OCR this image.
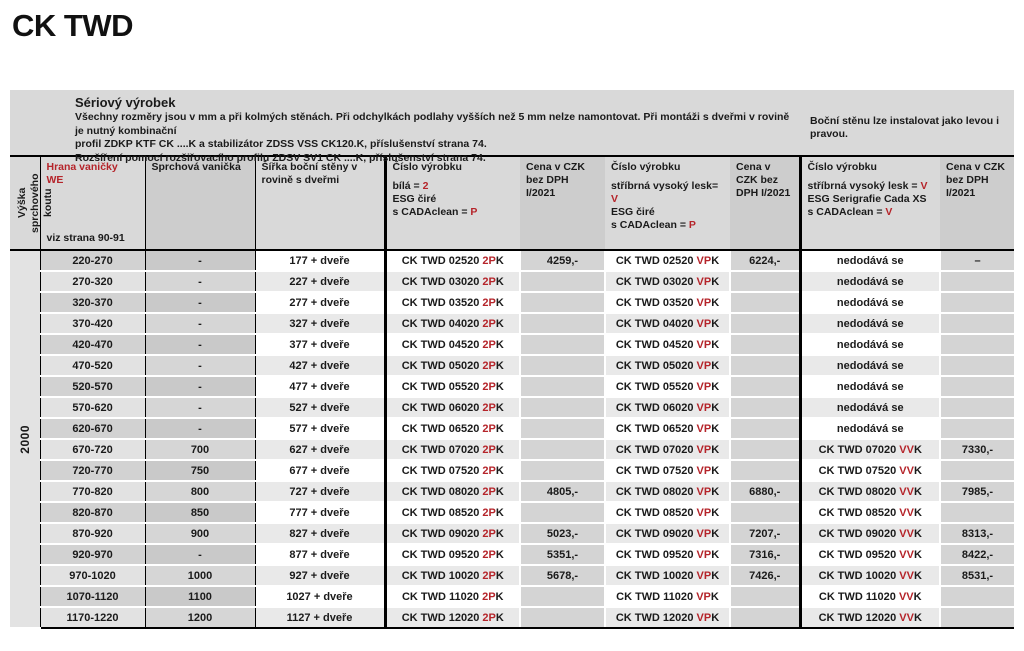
CK TWD
Sériový výrobek
Všechny rozměry jsou v mm a při kolmých stěnách. Při odchylkách podlahy vyšších než 5 mm nelze namontovat. Při montáži s dveřmi v rovině je nutný kombinační
profil ZDKP KTF CK ....K a stabilizátor ZDSS VSS CK120.K, příslušenství strana 74.
Rozšíření pomocí rozšiřovacího profilu ZDSV SV1 CK ....K, příslušenství strana 74.
Boční stěnu lze instalovat jako levou i pravou.
Výška sprchového koutu

Hrana vaničky
WE
viz strana 90-91
	Sprchová vanička	Šířka boční stěny v rovině s dveřmi	
Číslo výrobku
bílá = 2
ESG čiré
s CADAclean = P
	Cena v CZK bez DPH I/2021	
Číslo výrobku
stříbrná vysoký lesk= V
ESG čiré
s CADAclean = P
	Cena v CZK bez DPH I/2021	
Číslo výrobku
stříbrná vysoký lesk = V
ESG Serigrafie Cada XS
s CADAclean = V
	Cena v CZK bez DPH I/2021

2000	220-270	-	177 + dveře	CK TWD 02520 2PK	4259,-	CK TWD 02520 VPK	6224,-	nedodává se	–
	270-320	-	227 + dveře	CK TWD 03020 2PK		CK TWD 03020 VPK		nedodává se	
	320-370	-	277 + dveře	CK TWD 03520 2PK		CK TWD 03520 VPK		nedodává se	
	370-420	-	327 + dveře	CK TWD 04020 2PK		CK TWD 04020 VPK		nedodává se	
	420-470	-	377 + dveře	CK TWD 04520 2PK		CK TWD 04520 VPK		nedodává se	
	470-520	-	427 + dveře	CK TWD 05020 2PK		CK TWD 05020 VPK		nedodává se	
	520-570	-	477 + dveře	CK TWD 05520 2PK		CK TWD 05520 VPK		nedodává se	
	570-620	-	527 + dveře	CK TWD 06020 2PK		CK TWD 06020 VPK		nedodává se	
	620-670	-	577 + dveře	CK TWD 06520 2PK		CK TWD 06520 VPK		nedodává se	
	670-720	700	627 + dveře	CK TWD 07020 2PK		CK TWD 07020 VPK		CK TWD 07020 VVK	7330,-
	720-770	750	677 + dveře	CK TWD 07520 2PK		CK TWD 07520 VPK		CK TWD 07520 VVK	
	770-820	800	727 + dveře	CK TWD 08020 2PK	4805,-	CK TWD 08020 VPK	6880,-	CK TWD 08020 VVK	7985,-
	820-870	850	777 + dveře	CK TWD 08520 2PK		CK TWD 08520 VPK		CK TWD 08520 VVK	
	870-920	900	827 + dveře	CK TWD 09020 2PK	5023,-	CK TWD 09020 VPK	7207,-	CK TWD 09020 VVK	8313,-
	920-970	-	877 + dveře	CK TWD 09520 2PK	5351,-	CK TWD 09520 VPK	7316,-	CK TWD 09520 VVK	8422,-
	970-1020	1000	927 + dveře	CK TWD 10020 2PK	5678,-	CK TWD 10020 VPK	7426,-	CK TWD 10020 VVK	8531,-
	1070-1120	1100	1027 + dveře	CK TWD 11020 2PK		CK TWD 11020 VPK		CK TWD 11020 VVK	
	1170-1220	1200	1127 + dveře	CK TWD 12020 2PK		CK TWD 12020 VPK		CK TWD 12020 VVK	
